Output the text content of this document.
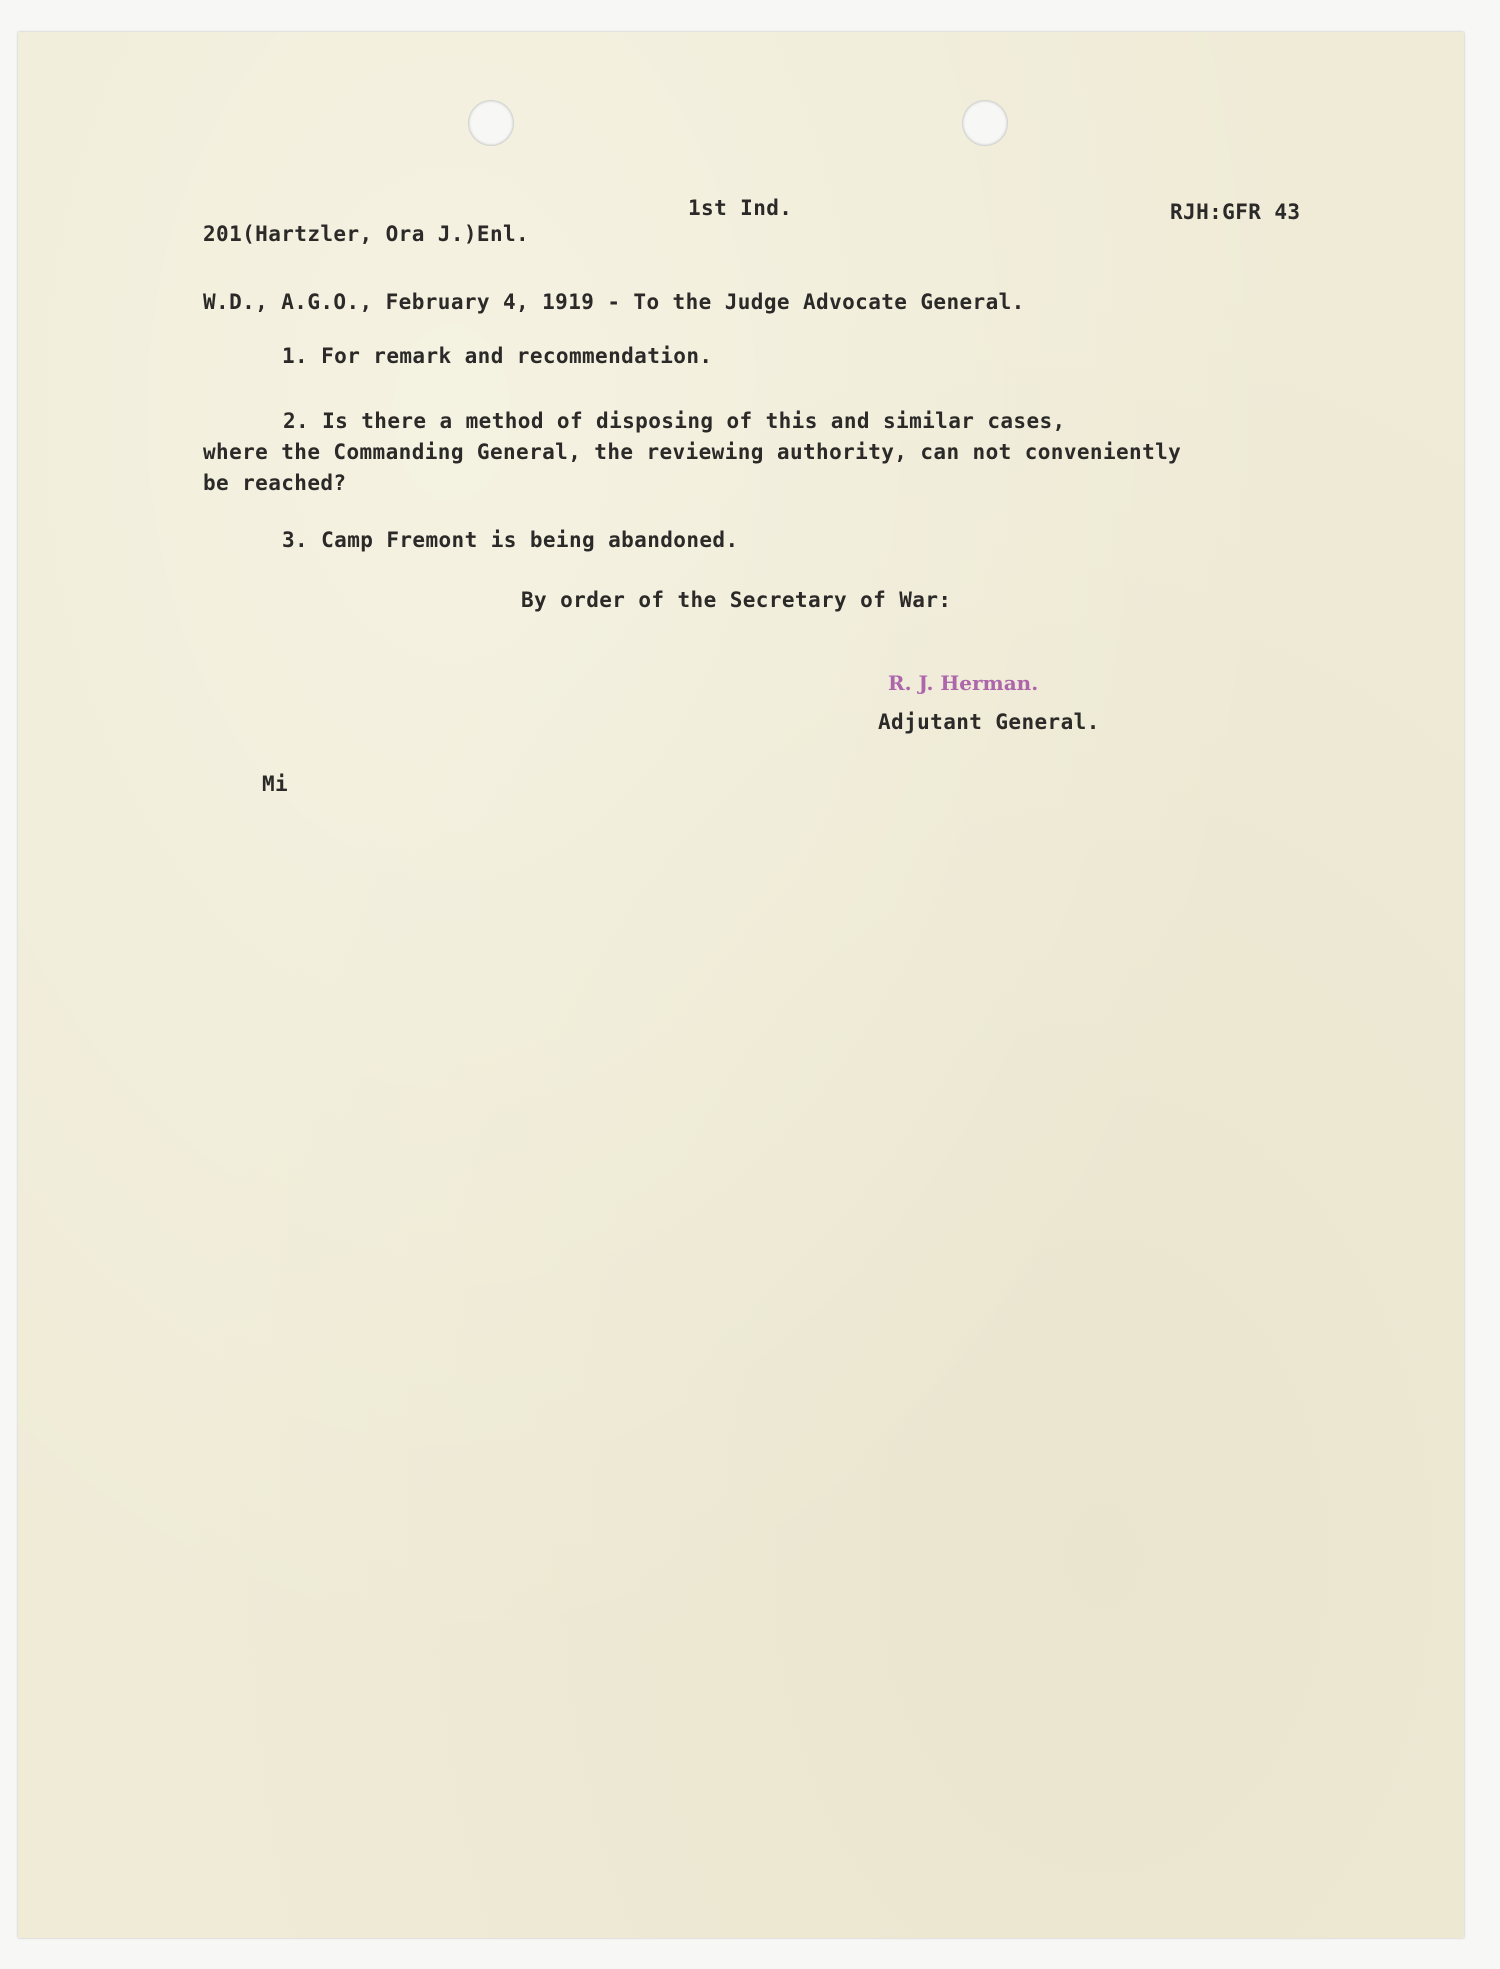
1st Ind.	RJH:GFR 43
201(Hartzler, Ora J.)Enl.
W.D., A.G.O., February 4, 1919 - To the Judge Advocate General.
1. For remark and recommendation.
2. Is there a method of disposing of this and similar cases,
where the Commanding General, the reviewing authority, can not conveniently
be reached?
3. Camp Fremont is being abandoned.
By order of the Secretary of War:
R. J. Herman.
Adjutant General.
Mi
